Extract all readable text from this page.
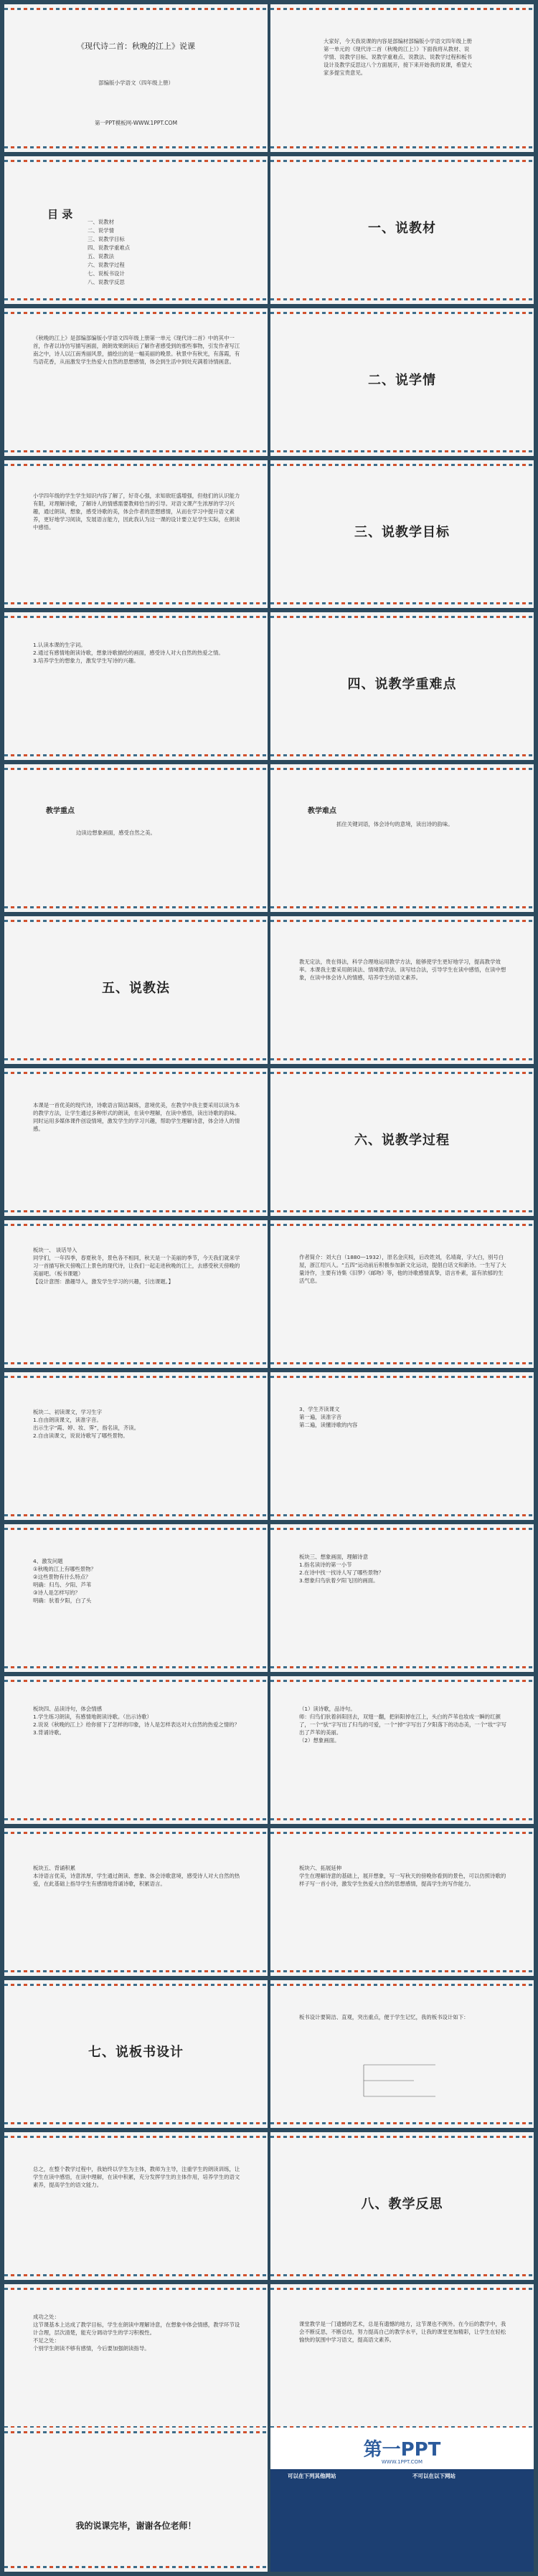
《现代诗二首：秋晚的江上》说课
部编版小学语文（四年级上册）
第一PPT模板网-WWW.1PPT.COM
大家好，今天我说课的内容是部编材部编版小学语文四年级上册第一单元的《现代诗二首（秋晚的江上）》下面我将从教材、说学情、说教学目标、说教学重难点、说教法、说教学过程和板书设计及教学反思这八个方面展开，接下来开始我的说课，希望大家多提宝贵意见。
目 录
一、说教材
二、说学情
三、说教学目标
四、说教学重难点
五、说教法
六、说教学过程
七、说板书设计
八、说教学反思
一、说教材
《秋晚的江上》是部编部编版小学语文四年级上册第一单元《现代诗二首》中的其中一首，作者以诗仿写描写画面，朗朗效果朗读后了解作者感受到的那些事物，引发作者写江南之中，诗人以江南秀丽风景，描绘出的是一幅美丽的晚景。秋景中有秋光，有落霞，有鸟语花香，从而激发学生热爱大自然的思想感情，体会到生活中到处充满着诗情画意。
二、说学情
小学四年级的学生学生知识内容了解了，好奇心强，求知欲旺盛增强，但他们的认识能力有限，对理解诗歌，了解诗人的情感需要教师恰当的引导。对语文课产生浓厚的学习兴趣，通过朗读，想象，感受诗歌的美，体会作者的思想感情，从而在学习中提升语文素养，更好地学习阅读，发展语言能力，因此我认为这一课的设计要立足学生实际，在朗读中感悟。	三、说教学目标
1.认读本课的生字词。
2.通过有感情地朗读诗歌，想象诗歌描绘的画面，感受诗人对大自然的热爱之情。
3.培养学生的想象力，激发学生写诗的兴趣。
四、说教学重难点
教学重点
边读边想象画面，感受自然之美。
教学难点
抓住关键词语，体会诗句的意境，读出诗的韵味。
五、说教法
教无定法，贵在得法，科学合理地运用教学方法，能够使学生更好地学习，提高教学效率。本课我主要采用朗读法、情境教学法、读写结合法，引导学生在读中感悟，在读中想象，在读中体会诗人的情感，培养学生的语文素养。
本课是一首优美的现代诗，诗歌语言简洁凝练，意境优美，在教学中我主要采用以读为本的教学方法，让学生通过多种形式的朗读，在读中理解，在读中感悟，读出诗歌的韵味。同时运用多媒体课件创设情境，激发学生的学习兴趣，帮助学生理解诗意，体会诗人的情感。
六、说教学过程
板块一、 谈话导入
同学们，一年四季，春夏秋冬，景色各不相同，秋天是一个美丽的季节，今天我们就来学习一首描写秋天傍晚江上景色的现代诗，让我们一起走进秋晚的江上，去感受秋天傍晚的美丽吧。（板书课题）
【设计意图：激趣导入，激发学生学习的兴趣，引出课题。】
作者简介：刘大白（1880—1932），原名金庆棪，后改姓刘，名靖裔，字大白，别号白屋，浙江绍兴人。“五四”运动前后积极参加新文化运动，提倡白话文和新诗。一生写了大量诗作，主要有诗集《旧梦》《邮吻》等，他的诗歌感情真挚，语言朴素，富有浓郁的生活气息。
板块二、初读课文，学习生字
1.自由朗读课文，读准字音。
出示生字“霞、婷、妆、霁”，指名读，齐读。
2.自由读课文，说说诗歌写了哪些景物。
3、学生齐读课文
第一遍，读准字音
第二遍，读懂诗歌的内容
4、激发问题
①秋晚的江上有哪些景物？
②这些景物有什么特点？
明确：归鸟、夕阳、芦苇
③诗人是怎样写的？
明确：驮着夕阳，白了头
板块三、想象画面，理解诗意
1.指名读诗的第一小节
2.在诗中找一找诗人写了哪些景物？
3.想象归鸟驮着夕阳飞回的画面。
板块四、品读诗句，体会情感
1.学生练习朗读，有感情地朗读诗歌。（出示诗歌）
2.说说《秋晚的江上》给你留下了怎样的印象，诗人是怎样表达对大自然的热爱之情的？
3.背诵诗歌。
（1）读诗歌，品诗句。
师：归鸟们驮着斜阳回去，双翅一翻，把斜阳掉在江上，头白的芦苇也妆成一瞬的红颜了，一个“驮”字写出了归鸟的可爱，一个“掉”字写出了夕阳落下的动态美，一个“妆”字写出了芦苇的美丽。
（2）想象画面。
板块五、背诵积累
本诗语言优美，诗意浓厚，学生通过朗读、想象、体会诗歌意境，感受诗人对大自然的热爱，在此基础上指导学生有感情地背诵诗歌，积累语言。
板块六、拓展延伸
学生在理解诗意的基础上，展开想象，写一写秋天的傍晚你看到的景色，可以仿照诗歌的样子写一首小诗，激发学生热爱大自然的思想感情，提高学生的写作能力。
七、说板书设计
板书设计要简洁、直观，突出重点，便于学生记忆，我的板书设计如下：
总之，在整个教学过程中，我始终以学生为主体，教师为主导，注重学生的朗读训练，让学生在读中感悟，在读中理解，在读中积累，充分发挥学生的主体作用，培养学生的语文素养，提高学生的语文能力。
八、教学反思
成功之处：
这节课基本上达成了教学目标，学生在朗读中理解诗意，在想象中体会情感，教学环节设计合理，层次清楚，能充分调动学生的学习积极性。
不足之处：
个别学生朗读不够有感情，今后要加强朗读指导。
课堂教学是一门遗憾的艺术，总是有遗憾的地方，这节课也不例外。在今后的教学中，我会不断反思，不断总结，努力提高自己的教学水平，让我的课堂更加精彩，让学生在轻松愉快的氛围中学习语文，提高语文素养。
我的说课完毕，谢谢各位老师！
第一PPT
WWW.1PPT.COM
可以在下列其他网站	不可以在以下网站
